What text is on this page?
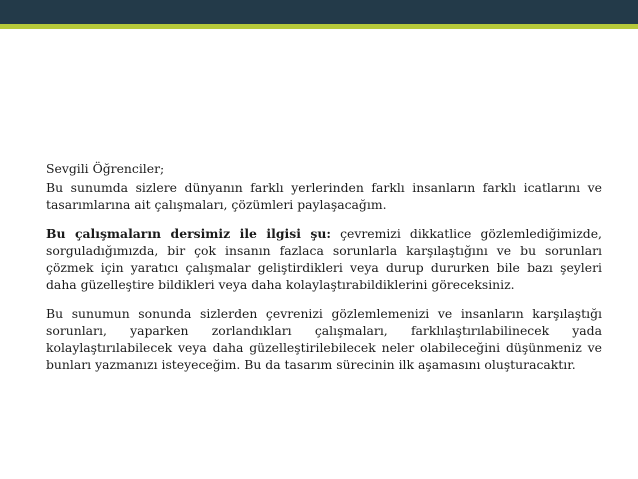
Sevgili Öğrenciler;

Bu sunumda sizlere dünyanın farklı yerlerinden farklı insanların farklı icatlarını ve tasarımlarına ait çalışmaları, çözümleri paylaşacağım.

Bu çalışmaların dersimiz ile ilgisi şu: çevremizi dikkatlice gözlemlediğimizde, sorguladığımızda, bir çok insanın fazlaca sorunlarla karşılaştığını ve bu sorunları çözmek için yaratıcı çalışmalar geliştirdikleri veya durup dururken bile bazı şeyleri daha güzelleştire bildikleri veya daha kolaylaştırabildiklerini göreceksiniz.

Bu sunumun sonunda sizlerden çevrenizi gözlemlemenizi ve insanların karşılaştığı sorunları, yaparken zorlandıkları çalışmaları, farklılaştırılabilinecek yada kolaylaştırılabilecek veya daha güzelleştirilebilecek neler olabileceğini düşünmeniz ve bunları yazmanızı isteyeceğim. Bu da tasarım sürecinin ilk aşamasını oluşturacaktır.
